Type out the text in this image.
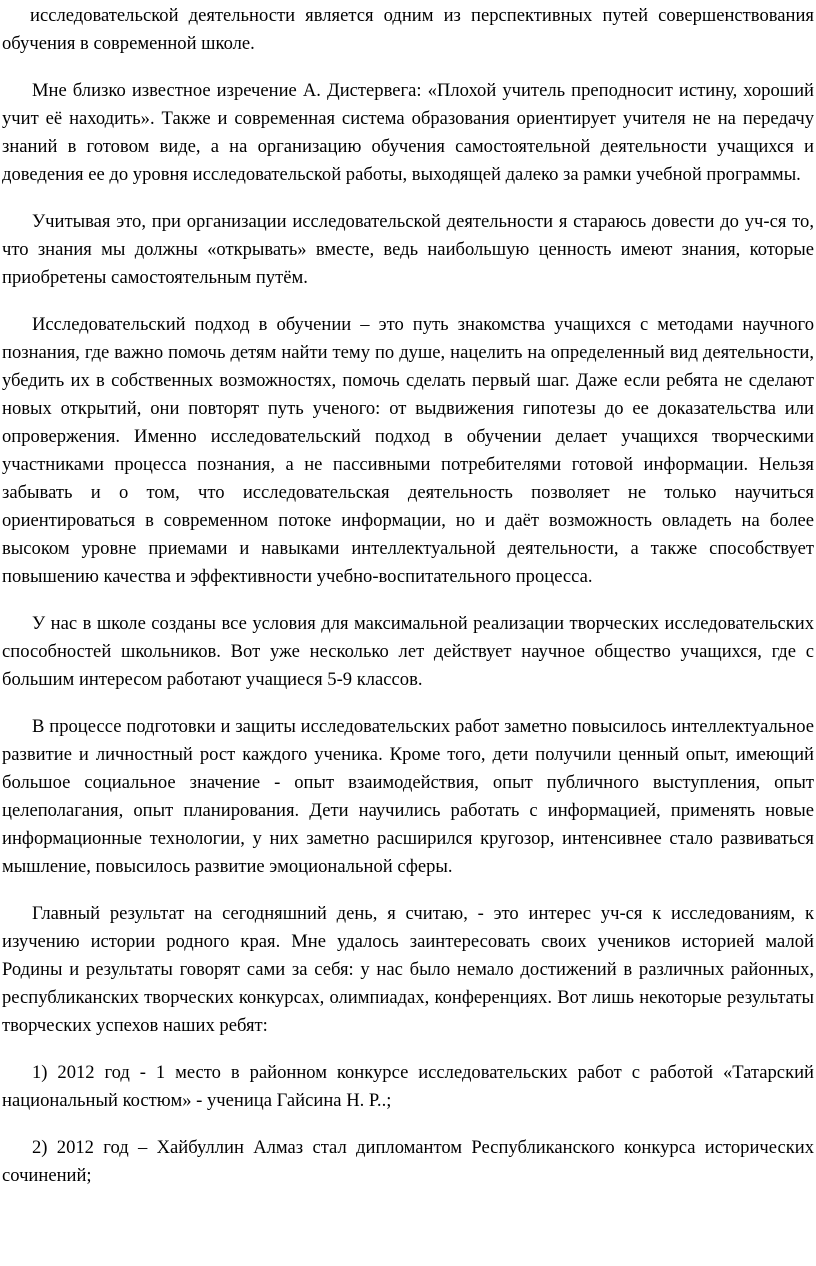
исследовательской деятельности является одним из перспективных путей совершенствования обучения в современной школе.

Мне близко известное изречение А. Дистервега: «Плохой учитель преподносит истину, хороший учит её находить». Также и современная система образования ориентирует учителя не на передачу знаний в готовом виде, а на организацию обучения самостоятельной деятельности учащихся и доведения ее до уровня исследовательской работы, выходящей далеко за рамки учебной программы.

Учитывая это, при организации исследовательской деятельности я стараюсь довести до уч-ся то, что знания мы должны «открывать» вместе, ведь наибольшую ценность имеют знания, которые приобретены самостоятельным путём.

Исследовательский подход в обучении – это путь знакомства учащихся с методами научного познания, где важно помочь детям найти тему по душе, нацелить на определенный вид деятельности, убедить их в собственных возможностях, помочь сделать первый шаг. Даже если ребята не сделают новых открытий, они повторят путь ученого: от выдвижения гипотезы до ее доказательства или опровержения. Именно исследовательский подход в обучении делает учащихся творческими участниками процесса познания, а не пассивными потребителями готовой информации. Нельзя забывать и о том, что исследовательская деятельность позволяет не только научиться ориентироваться в современном потоке информации, но и даёт возможность овладеть на более высоком уровне приемами и навыками интеллектуальной деятельности, а также способствует повышению качества и эффективности учебно-воспитательного процесса.

У нас в школе созданы все условия для максимальной реализации творческих исследовательских способностей школьников. Вот уже несколько лет действует научное общество учащихся, где с большим интересом работают учащиеся 5-9 классов.

В процессе подготовки и защиты исследовательских работ заметно повысилось интеллектуальное развитие и личностный рост каждого ученика. Кроме того, дети получили ценный опыт, имеющий большое социальное значение - опыт взаимодействия, опыт публичного выступления, опыт целеполагания, опыт планирования. Дети научились работать с информацией, применять новые информационные технологии, у них заметно расширился кругозор, интенсивнее стало развиваться мышление, повысилось развитие эмоциональной сферы.

Главный результат на сегодняшний день, я считаю, - это интерес уч-ся к исследованиям, к изучению истории родного края. Мне удалось заинтересовать своих учеников историей малой Родины и результаты говорят сами за себя: у нас было немало достижений в различных районных, республиканских творческих конкурсах, олимпиадах, конференциях. Вот лишь некоторые результаты творческих успехов наших ребят:

1) 2012 год - 1 место в районном конкурсе исследовательских работ с работой «Татарский национальный костюм» - ученица Гайсина Н. Р..;

2) 2012 год – Хайбуллин Алмаз стал дипломантом Республиканского конкурса исторических сочинений;
